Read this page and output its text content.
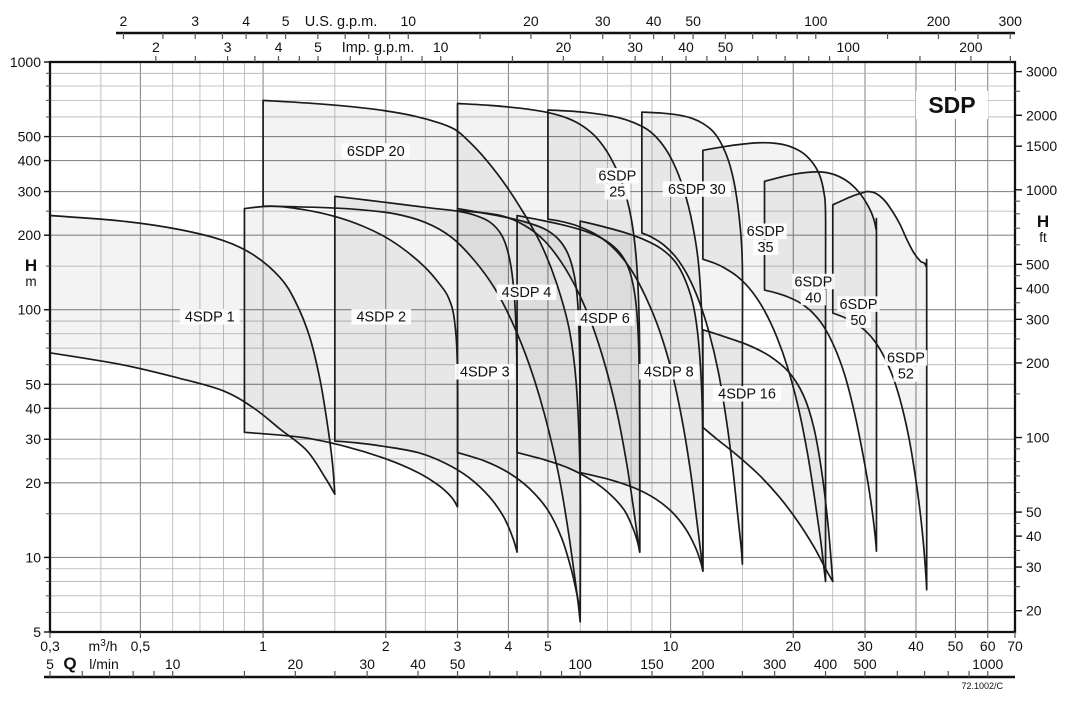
4SDP 1	4SDP 2
4SDP 3
4SDP 4
4SDP 6
4SDP 8
4SDP 16
6SDP 20
6SDP
25	6SDP 30
6SDP
35
6SDP
40 6SDP
50
6SDP
52
SDP
2	3	4 5	10	20	30	40 50	100	200	300
U.S. g.p.m.
2	3	4 5	10	20	30	40 50	100	200
Imp. g.p.m.
1000
500
400
300
200
100
50
40
30
20
10
5
H
m
3000
2000
1500
1000
500
400
300
200
100
50
40
30
20
H
ft
0,3	0,5	1	2	3	4 5	10	20	30	40 50 60 70
$m^3/h$
Q l/min
5	10	20	30	40 50	100	150 200	300 400 500	1000
72.1002/C
